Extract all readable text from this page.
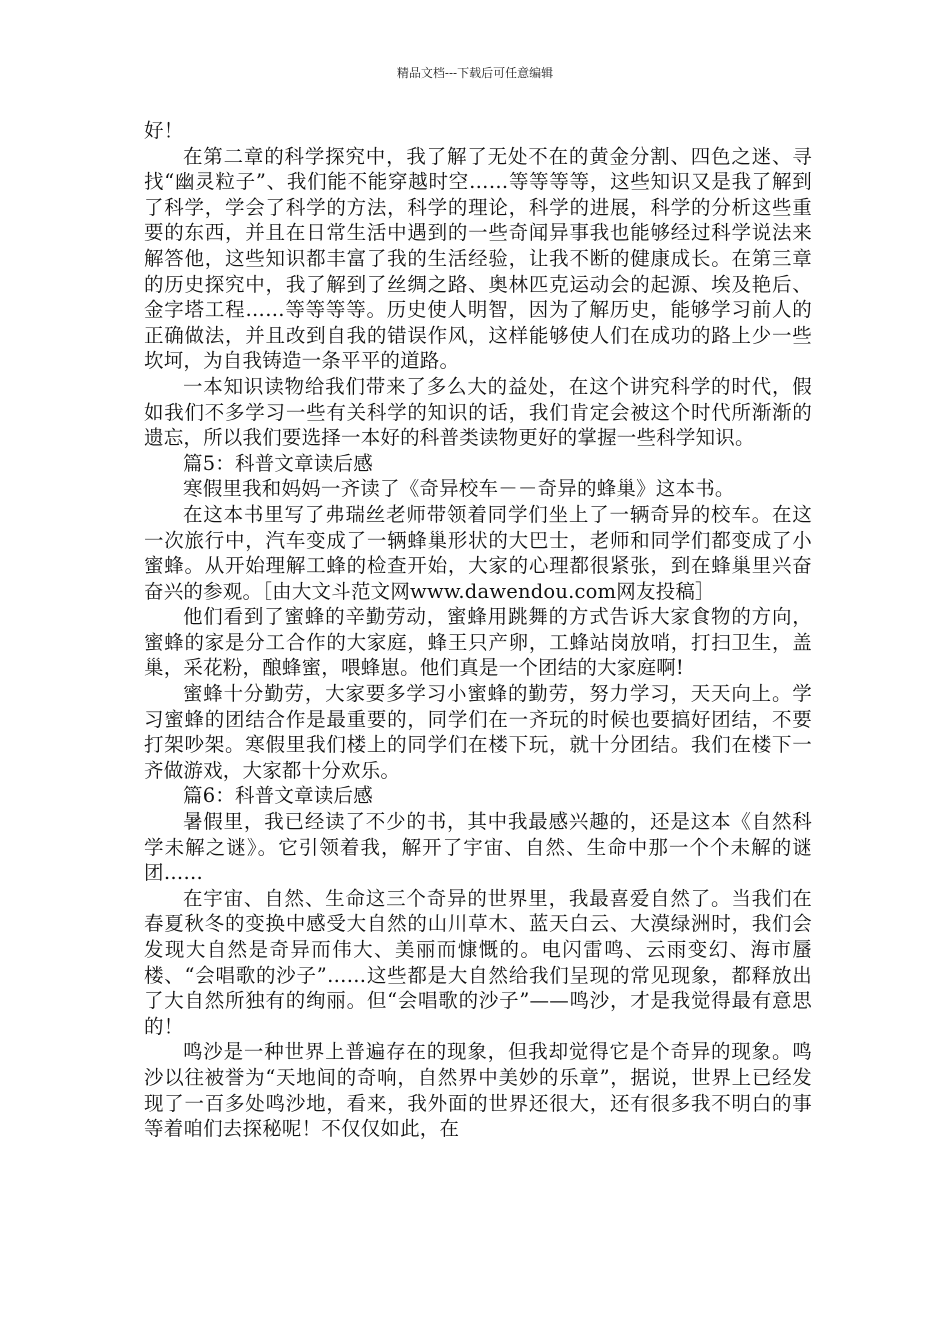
精品文档---下载后可任意编辑

好！

在第二章的科学探究中，我了解了无处不在的黄金分割、四色之迷、寻找“幽灵粒子”、我们能不能穿越时空……等等等等，这些知识又是我了解到了科学，学会了科学的方法，科学的理论，科学的进展，科学的分析这些重要的东西，并且在日常生活中遇到的一些奇闻异事我也能够经过科学说法来解答他，这些知识都丰富了我的生活经验，让我不断的健康成长。在第三章的历史探究中，我了解到了丝绸之路、奥林匹克运动会的起源、埃及艳后、金字塔工程……等等等等。历史使人明智，因为了解历史，能够学习前人的正确做法，并且改到自我的错误作风，这样能够使人们在成功的路上少一些坎坷，为自我铸造一条平平的道路。

一本知识读物给我们带来了多么大的益处，在这个讲究科学的时代，假如我们不多学习一些有关科学的知识的话，我们肯定会被这个时代所渐渐的遗忘，所以我们要选择一本好的科普类读物更好的掌握一些科学知识。

篇5：科普文章读后感

寒假里我和妈妈一齐读了《奇异校车－－奇异的蜂巢》这本书。

在这本书里写了弗瑞丝老师带领着同学们坐上了一辆奇异的校车。在这一次旅行中，汽车变成了一辆蜂巢形状的大巴士，老师和同学们都变成了小蜜蜂。从开始理解工蜂的检查开始，大家的心理都很紧张，到在蜂巢里兴奋奋兴的参观。［由大文斗范文网www.dawendou.com网友投稿］

他们看到了蜜蜂的辛勤劳动，蜜蜂用跳舞的方式告诉大家食物的方向，蜜蜂的家是分工合作的大家庭，蜂王只产卵，工蜂站岗放哨，打扫卫生，盖巢，采花粉，酿蜂蜜，喂蜂崽。他们真是一个团结的大家庭啊!

蜜蜂十分勤劳，大家要多学习小蜜蜂的勤劳，努力学习，天天向上。学习蜜蜂的团结合作是最重要的，同学们在一齐玩的时候也要搞好团结，不要打架吵架。寒假里我们楼上的同学们在楼下玩，就十分团结。我们在楼下一齐做游戏，大家都十分欢乐。

篇6：科普文章读后感

暑假里，我已经读了不少的书，其中我最感兴趣的，还是这本《自然科学未解之谜》。它引领着我，解开了宇宙、自然、生命中那一个个未解的谜团……

在宇宙、自然、生命这三个奇异的世界里，我最喜爱自然了。当我们在春夏秋冬的变换中感受大自然的山川草木、蓝天白云、大漠绿洲时，我们会发现大自然是奇异而伟大、美丽而慷慨的。电闪雷鸣、云雨变幻、海市蜃楼、“会唱歌的沙子”……这些都是大自然给我们呈现的常见现象，都释放出了大自然所独有的绚丽。但“会唱歌的沙子”——鸣沙，才是我觉得最有意思的！

鸣沙是一种世界上普遍存在的现象，但我却觉得它是个奇异的现象。鸣沙以往被誉为“天地间的奇响，自然界中美妙的乐章”，据说，世界上已经发现了一百多处鸣沙地，看来，我外面的世界还很大，还有很多我不明白的事等着咱们去探秘呢！不仅仅如此，在
